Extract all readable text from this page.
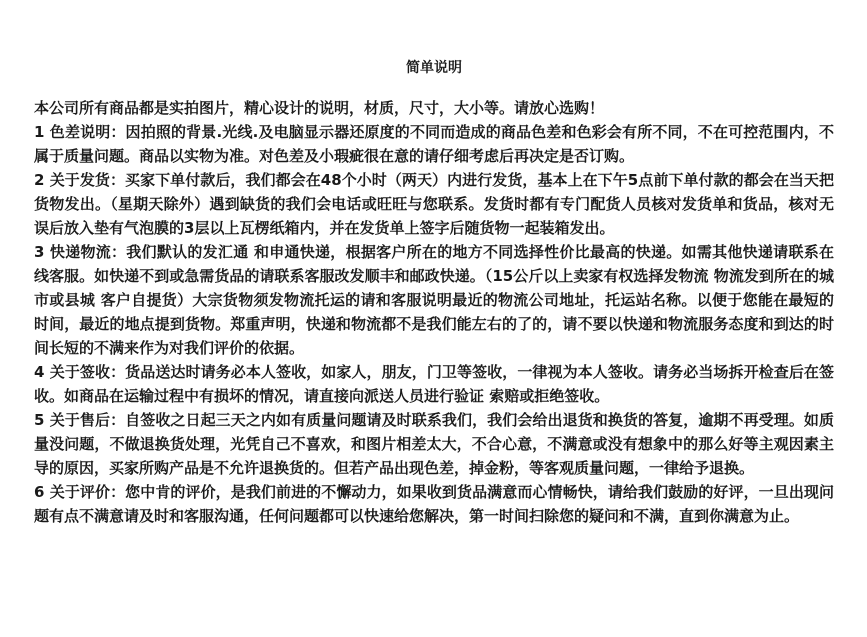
简单说明

本公司所有商品都是实拍图片，精心设计的说明，材质，尺寸，大小等。请放心选购！

1 色差说明：因拍照的背景.光线.及电脑显示器还原度的不同而造成的商品色差和色彩会有所不同，不在可控范围内，不属于质量问题。商品以实物为准。对色差及小瑕疵很在意的请仔细考虑后再决定是否订购。

2 关于发货：买家下单付款后，我们都会在48个小时（两天）内进行发货，基本上在下午5点前下单付款的都会在当天把货物发出。（星期天除外）遇到缺货的我们会电话或旺旺与您联系。发货时都有专门配货人员核对发货单和货品，核对无误后放入垫有气泡膜的3层以上瓦楞纸箱内，并在发货单上签字后随货物一起装箱发出。

3 快递物流：我们默认的发汇通 和申通快递，根据客户所在的地方不同选择性价比最高的快递。如需其他快递请联系在线客服。如快递不到或急需货品的请联系客服改发顺丰和邮政快递。（15公斤以上卖家有权选择发物流 物流发到所在的城市或县城 客户自提货）大宗货物须发物流托运的请和客服说明最近的物流公司地址，托运站名称。以便于您能在最短的时间，最近的地点提到货物。郑重声明，快递和物流都不是我们能左右的了的，请不要以快递和物流服务态度和到达的时间长短的不满来作为对我们评价的依据。

4 关于签收：货品送达时请务必本人签收，如家人，朋友，门卫等签收，一律视为本人签收。请务必当场拆开检查后在签收。如商品在运输过程中有损坏的情况，请直接向派送人员进行验证 索赔或拒绝签收。

5 关于售后：自签收之日起三天之内如有质量问题请及时联系我们，我们会给出退货和换货的答复，逾期不再受理。如质量没问题，不做退换货处理，光凭自己不喜欢，和图片相差太大，不合心意，不满意或没有想象中的那么好等主观因素主导的原因，买家所购产品是不允许退换货的。但若产品出现色差，掉金粉，等客观质量问题，一律给予退换。

6 关于评价：您中肯的评价，是我们前进的不懈动力，如果收到货品满意而心情畅快，请给我们鼓励的好评，一旦出现问题有点不满意请及时和客服沟通，任何问题都可以快速给您解决，第一时间扫除您的疑问和不满，直到你满意为止。
